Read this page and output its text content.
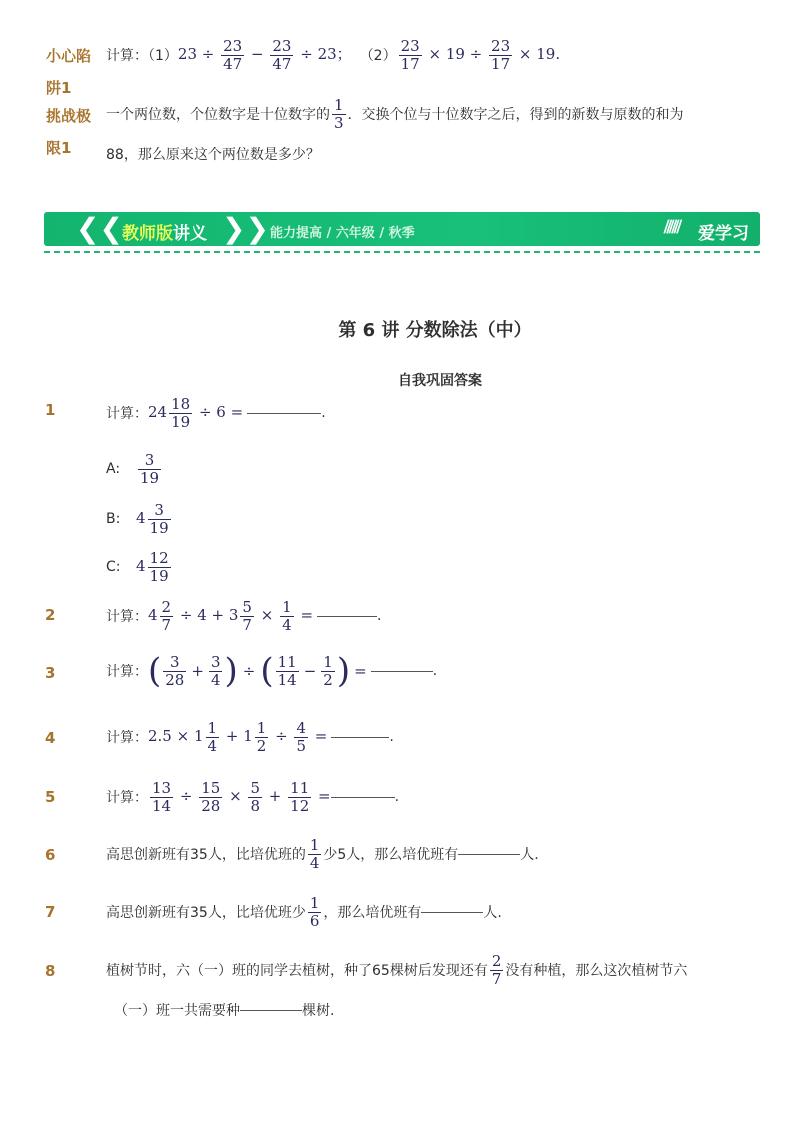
小心陷
阱1
挑战极
限1
计算：（1） $23 \div \frac{23}{47} - \frac{23}{47} \div 23$； $(2) \frac{23}{17} \times 19 \div \frac{23}{17} \times 19$.
一个两位数，个位数字是十位数字的 $\frac{1}{3}$ ．交换个位与十位数字之后，得到的新数与原数的和为
88，那么原来这个两位数是多少？
❮❮ 教师版讲义 ❯❯ 能力提高 / 六年级 / 秋季	⫽⫽⫽ 爱学习
第 6 讲 分数除法（中）
自我巩固答案
1	计算： $24 \frac{18}{19} \div 6$ =	.
A:	$\frac{3}{19}$
B:	$4 \frac{3}{19}$
C:	$4 \frac{12}{19}$
2	计算： $4 \frac{2}{7} \div 4 + 3 \frac{5}{7} \times \frac{1}{4}$ =	.
3	计算： ( $\frac{3}{28} + \frac{3}{4}$ ) ÷ ( $\frac{11}{14} - \frac{1}{2}$ ) =	.
4	计算： $2.5 \times 1 \frac{1}{4} + 1 \frac{1}{2} \div \frac{4}{5}$ =	.
5	计算： $\frac{13}{14} \div \frac{15}{28} \times \frac{5}{8} + \frac{11}{12}$ =	.
6	高思创新班有35人，比培优班的 $\frac{1}{4}$ 少5人，那么培优班有	人.
7	高思创新班有35人，比培优班少 $\frac{1}{6}$ ，那么培优班有	人.
8	植树节时，六（一）班的同学去植树，种了65棵树后发现还有 $\frac{2}{7}$ 没有种植，那么这次植树节六
（一）班一共需要种	棵树.
